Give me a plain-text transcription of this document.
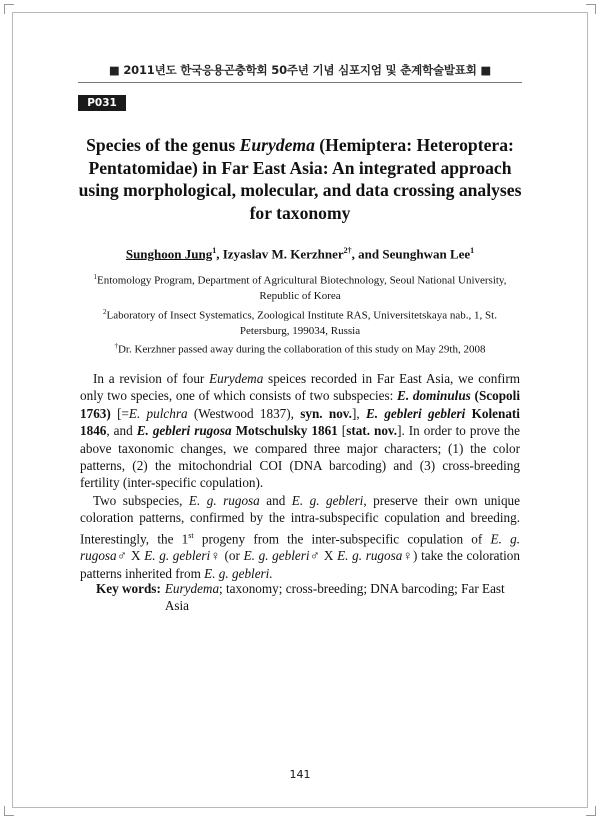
■ 2011년도 한국응용곤충학회 50주년 기념 심포지엄 및 춘계학술발표회 ■
P031
Species of the genus Eurydema (Hemiptera: Heteroptera: Pentatomidae) in Far East Asia: An integrated approach using morphological, molecular, and data crossing analyses for taxonomy
Sunghoon Jung$^1$, Izyaslav M. Kerzhner$^{2\dagger}$, and Seunghwan Lee$^1$
$^1$Entomology Program, Department of Agricultural Biotechnology, Seoul National University, Republic of Korea
$^2$Laboratory of Insect Systematics, Zoological Institute RAS, Universitetskaya nab., 1, St. Petersburg, 199034, Russia
†Dr. Kerzhner passed away during the collaboration of this study on May 29th, 2008

In a revision of four Eurydema speices recorded in Far East Asia, we confirm only two species, one of which consists of two subspecies: E. dominulus (Scopoli 1763) [=E. pulchra (Westwood 1837), syn. nov.], E. gebleri gebleri Kolenati 1846, and E. gebleri rugosa Motschulsky 1861 [stat. nov.]. In order to prove the above taxonomic changes, we compared three major characters; (1) the color patterns, (2) the mitochondrial COI (DNA barcoding) and (3) cross-breeding fertility (inter-specific copulation).

Two subspecies, E. g. rugosa and E. g. gebleri, preserve their own unique coloration patterns, confirmed by the intra-subspecific copulation and breeding. Interestingly, the 1st progeny from the inter-subspecific copulation of E. g. rugosa♂ X E. g. gebleri♀ (or E. g. gebleri♂ X E. g. rugosa♀) take the coloration patterns inherited from E. g. gebleri.

Key words: Eurydema; taxonomy; cross-breeding; DNA barcoding; Far East Asia
141
